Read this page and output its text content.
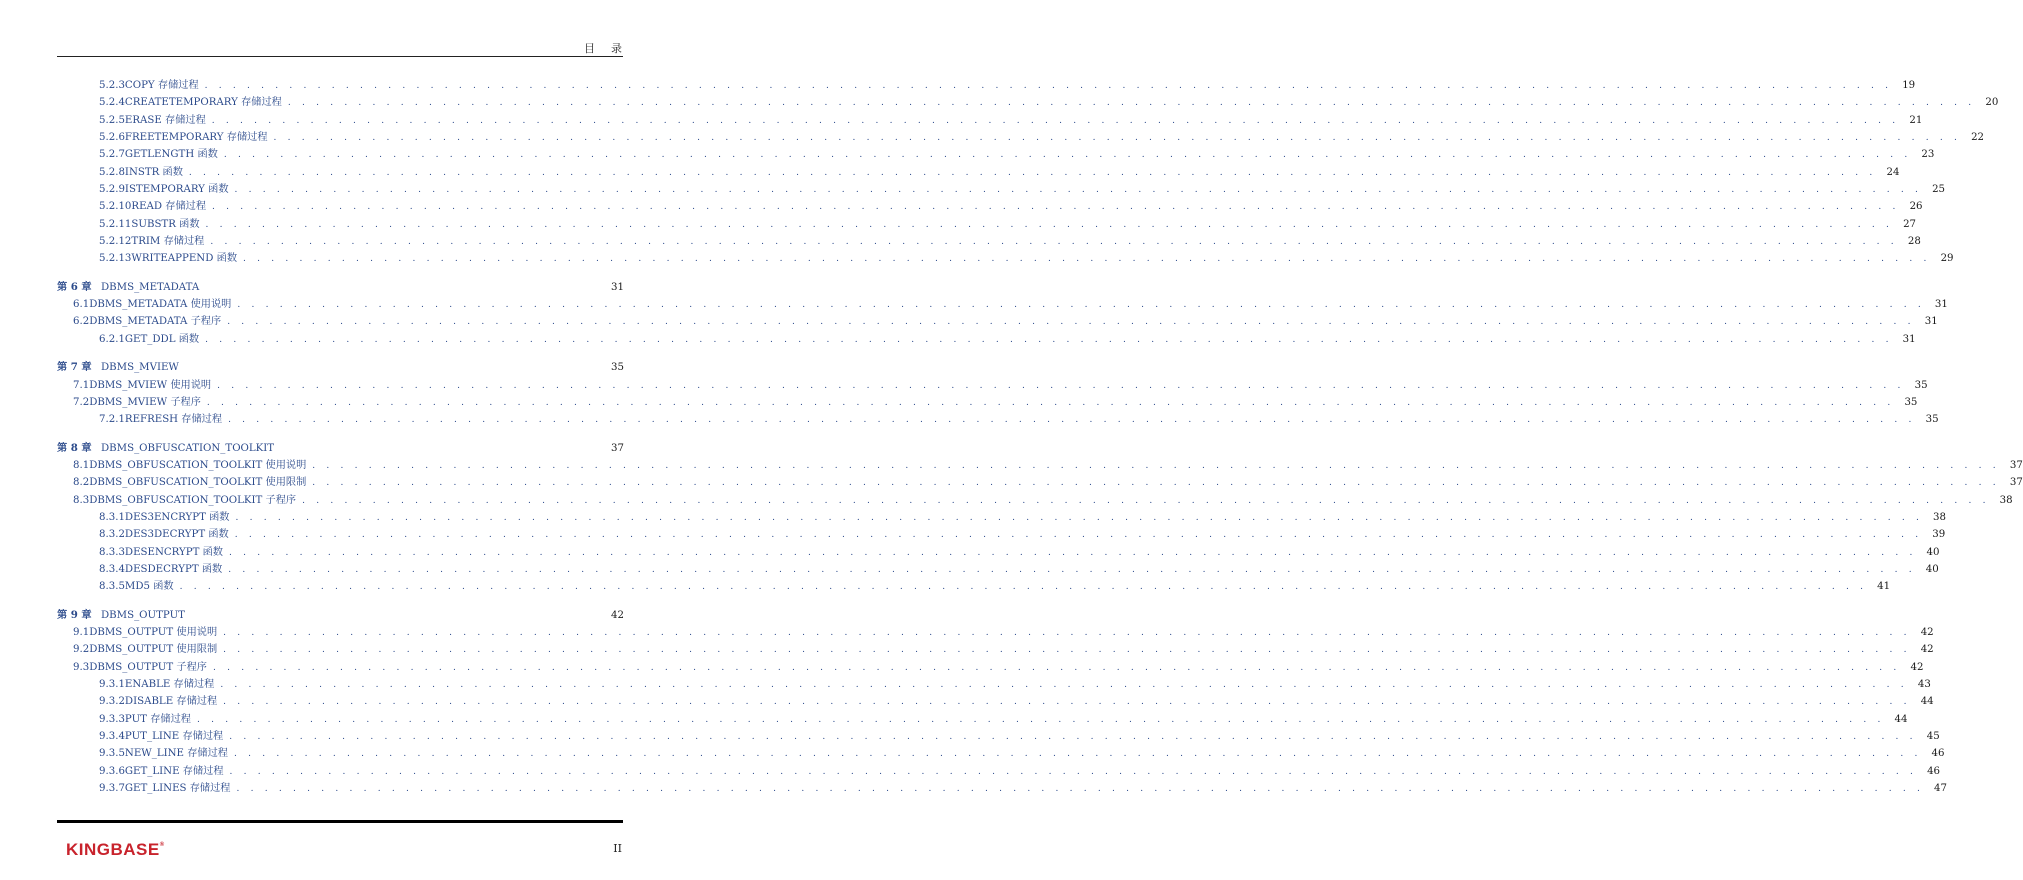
目录
5.2.3 COPY 存储过程 . . . . . . . . . . . . . . . . . . . . . . . . . . . . . . . . . . . . . . . . . . . . . . . . . . . . . . . . . . . . . . . . . . . . . . . . . . . . . . . . . . . . . . . . . . . . . . . . . . . . . . . . . . . . . . . . . . . . . . . . 19
5.2.4 CREATETEMPORARY 存储过程 . . . . . . . . . . . . . . . . . . . . . . . . . . . . . . . . . . . . . . . . . . . . . . . . . . . . . . . . . . . . . . . . . . . . . . . . . . . . . . . . . . . . . . . . . . . . . . . . . . . . . . . . . . . . . . . . . . . . . . . . 20
5.2.5 ERASE 存储过程 . . . . . . . . . . . . . . . . . . . . . . . . . . . . . . . . . . . . . . . . . . . . . . . . . . . . . . . . . . . . . . . . . . . . . . . . . . . . . . . . . . . . . . . . . . . . . . . . . . . . . . . . . . . . . . . . . . . . . . . . 21
5.2.6 FREETEMPORARY 存储过程 . . . . . . . . . . . . . . . . . . . . . . . . . . . . . . . . . . . . . . . . . . . . . . . . . . . . . . . . . . . . . . . . . . . . . . . . . . . . . . . . . . . . . . . . . . . . . . . . . . . . . . . . . . . . . . . . . . . . . . . . 22
5.2.7 GETLENGTH 函数 . . . . . . . . . . . . . . . . . . . . . . . . . . . . . . . . . . . . . . . . . . . . . . . . . . . . . . . . . . . . . . . . . . . . . . . . . . . . . . . . . . . . . . . . . . . . . . . . . . . . . . . . . . . . . . . . . . . . . . . . 23
5.2.8 INSTR 函数 . . . . . . . . . . . . . . . . . . . . . . . . . . . . . . . . . . . . . . . . . . . . . . . . . . . . . . . . . . . . . . . . . . . . . . . . . . . . . . . . . . . . . . . . . . . . . . . . . . . . . . . . . . . . . . . . . . . . . . . . 24
5.2.9 ISTEMPORARY 函数 . . . . . . . . . . . . . . . . . . . . . . . . . . . . . . . . . . . . . . . . . . . . . . . . . . . . . . . . . . . . . . . . . . . . . . . . . . . . . . . . . . . . . . . . . . . . . . . . . . . . . . . . . . . . . . . . . . . . . . . . 25
5.2.10 READ 存储过程 . . . . . . . . . . . . . . . . . . . . . . . . . . . . . . . . . . . . . . . . . . . . . . . . . . . . . . . . . . . . . . . . . . . . . . . . . . . . . . . . . . . . . . . . . . . . . . . . . . . . . . . . . . . . . . . . . . . . . . . . 26
5.2.11 SUBSTR 函数 . . . . . . . . . . . . . . . . . . . . . . . . . . . . . . . . . . . . . . . . . . . . . . . . . . . . . . . . . . . . . . . . . . . . . . . . . . . . . . . . . . . . . . . . . . . . . . . . . . . . . . . . . . . . . . . . . . . . . . . . 27
5.2.12 TRIM 存储过程 . . . . . . . . . . . . . . . . . . . . . . . . . . . . . . . . . . . . . . . . . . . . . . . . . . . . . . . . . . . . . . . . . . . . . . . . . . . . . . . . . . . . . . . . . . . . . . . . . . . . . . . . . . . . . . . . . . . . . . . . 28
5.2.13 WRITEAPPEND 函数 . . . . . . . . . . . . . . . . . . . . . . . . . . . . . . . . . . . . . . . . . . . . . . . . . . . . . . . . . . . . . . . . . . . . . . . . . . . . . . . . . . . . . . . . . . . . . . . . . . . . . . . . . . . . . . . . . . . . . . . . 29
第 6 章 DBMS_METADATA	31
6.1 DBMS_METADATA 使用说明 . . . . . . . . . . . . . . . . . . . . . . . . . . . . . . . . . . . . . . . . . . . . . . . . . . . . . . . . . . . . . . . . . . . . . . . . . . . . . . . . . . . . . . . . . . . . . . . . . . . . . . . . . . . . . . . . . . . . . . . . 31
6.2 DBMS_METADATA 子程序 . . . . . . . . . . . . . . . . . . . . . . . . . . . . . . . . . . . . . . . . . . . . . . . . . . . . . . . . . . . . . . . . . . . . . . . . . . . . . . . . . . . . . . . . . . . . . . . . . . . . . . . . . . . . . . . . . . . . . . . . 31
6.2.1 GET_DDL 函数 . . . . . . . . . . . . . . . . . . . . . . . . . . . . . . . . . . . . . . . . . . . . . . . . . . . . . . . . . . . . . . . . . . . . . . . . . . . . . . . . . . . . . . . . . . . . . . . . . . . . . . . . . . . . . . . . . . . . . . . . 31
第 7 章 DBMS_MVIEW	35
7.1 DBMS_MVIEW 使用说明 . . . . . . . . . . . . . . . . . . . . . . . . . . . . . . . . . . . . . . . . . . . . . . . . . . . . . . . . . . . . . . . . . . . . . . . . . . . . . . . . . . . . . . . . . . . . . . . . . . . . . . . . . . . . . . . . . . . . . . . . 35
7.2 DBMS_MVIEW 子程序 . . . . . . . . . . . . . . . . . . . . . . . . . . . . . . . . . . . . . . . . . . . . . . . . . . . . . . . . . . . . . . . . . . . . . . . . . . . . . . . . . . . . . . . . . . . . . . . . . . . . . . . . . . . . . . . . . . . . . . . . 35
7.2.1 REFRESH 存储过程 . . . . . . . . . . . . . . . . . . . . . . . . . . . . . . . . . . . . . . . . . . . . . . . . . . . . . . . . . . . . . . . . . . . . . . . . . . . . . . . . . . . . . . . . . . . . . . . . . . . . . . . . . . . . . . . . . . . . . . . . 35
第 8 章 DBMS_OBFUSCATION_TOOLKIT	37
8.1 DBMS_OBFUSCATION_TOOLKIT 使用说明 . . . . . . . . . . . . . . . . . . . . . . . . . . . . . . . . . . . . . . . . . . . . . . . . . . . . . . . . . . . . . . . . . . . . . . . . . . . . . . . . . . . . . . . . . . . . . . . . . . . . . . . . . . . . . . . . . . . . . . . . 37
8.2 DBMS_OBFUSCATION_TOOLKIT 使用限制 . . . . . . . . . . . . . . . . . . . . . . . . . . . . . . . . . . . . . . . . . . . . . . . . . . . . . . . . . . . . . . . . . . . . . . . . . . . . . . . . . . . . . . . . . . . . . . . . . . . . . . . . . . . . . . . . . . . . . . . . 37
8.3 DBMS_OBFUSCATION_TOOLKIT 子程序 . . . . . . . . . . . . . . . . . . . . . . . . . . . . . . . . . . . . . . . . . . . . . . . . . . . . . . . . . . . . . . . . . . . . . . . . . . . . . . . . . . . . . . . . . . . . . . . . . . . . . . . . . . . . . . . . . . . . . . . . 38
8.3.1 DES3ENCRYPT 函数 . . . . . . . . . . . . . . . . . . . . . . . . . . . . . . . . . . . . . . . . . . . . . . . . . . . . . . . . . . . . . . . . . . . . . . . . . . . . . . . . . . . . . . . . . . . . . . . . . . . . . . . . . . . . . . . . . . . . . . . . 38
8.3.2 DES3DECRYPT 函数 . . . . . . . . . . . . . . . . . . . . . . . . . . . . . . . . . . . . . . . . . . . . . . . . . . . . . . . . . . . . . . . . . . . . . . . . . . . . . . . . . . . . . . . . . . . . . . . . . . . . . . . . . . . . . . . . . . . . . . . . 39
8.3.3 DESENCRYPT 函数 . . . . . . . . . . . . . . . . . . . . . . . . . . . . . . . . . . . . . . . . . . . . . . . . . . . . . . . . . . . . . . . . . . . . . . . . . . . . . . . . . . . . . . . . . . . . . . . . . . . . . . . . . . . . . . . . . . . . . . . . 40
8.3.4 DESDECRYPT 函数 . . . . . . . . . . . . . . . . . . . . . . . . . . . . . . . . . . . . . . . . . . . . . . . . . . . . . . . . . . . . . . . . . . . . . . . . . . . . . . . . . . . . . . . . . . . . . . . . . . . . . . . . . . . . . . . . . . . . . . . . 40
8.3.5 MD5 函数 . . . . . . . . . . . . . . . . . . . . . . . . . . . . . . . . . . . . . . . . . . . . . . . . . . . . . . . . . . . . . . . . . . . . . . . . . . . . . . . . . . . . . . . . . . . . . . . . . . . . . . . . . . . . . . . . . . . . . . . . 41
第 9 章 DBMS_OUTPUT	42
9.1 DBMS_OUTPUT 使用说明 . . . . . . . . . . . . . . . . . . . . . . . . . . . . . . . . . . . . . . . . . . . . . . . . . . . . . . . . . . . . . . . . . . . . . . . . . . . . . . . . . . . . . . . . . . . . . . . . . . . . . . . . . . . . . . . . . . . . . . . . 42
9.2 DBMS_OUTPUT 使用限制 . . . . . . . . . . . . . . . . . . . . . . . . . . . . . . . . . . . . . . . . . . . . . . . . . . . . . . . . . . . . . . . . . . . . . . . . . . . . . . . . . . . . . . . . . . . . . . . . . . . . . . . . . . . . . . . . . . . . . . . . 42
9.3 DBMS_OUTPUT 子程序 . . . . . . . . . . . . . . . . . . . . . . . . . . . . . . . . . . . . . . . . . . . . . . . . . . . . . . . . . . . . . . . . . . . . . . . . . . . . . . . . . . . . . . . . . . . . . . . . . . . . . . . . . . . . . . . . . . . . . . . . 42
9.3.1 ENABLE 存储过程 . . . . . . . . . . . . . . . . . . . . . . . . . . . . . . . . . . . . . . . . . . . . . . . . . . . . . . . . . . . . . . . . . . . . . . . . . . . . . . . . . . . . . . . . . . . . . . . . . . . . . . . . . . . . . . . . . . . . . . . . 43
9.3.2 DISABLE 存储过程 . . . . . . . . . . . . . . . . . . . . . . . . . . . . . . . . . . . . . . . . . . . . . . . . . . . . . . . . . . . . . . . . . . . . . . . . . . . . . . . . . . . . . . . . . . . . . . . . . . . . . . . . . . . . . . . . . . . . . . . . 44
9.3.3 PUT 存储过程 . . . . . . . . . . . . . . . . . . . . . . . . . . . . . . . . . . . . . . . . . . . . . . . . . . . . . . . . . . . . . . . . . . . . . . . . . . . . . . . . . . . . . . . . . . . . . . . . . . . . . . . . . . . . . . . . . . . . . . . . 44
9.3.4 PUT_LINE 存储过程 . . . . . . . . . . . . . . . . . . . . . . . . . . . . . . . . . . . . . . . . . . . . . . . . . . . . . . . . . . . . . . . . . . . . . . . . . . . . . . . . . . . . . . . . . . . . . . . . . . . . . . . . . . . . . . . . . . . . . . . . 45
9.3.5 NEW_LINE 存储过程 . . . . . . . . . . . . . . . . . . . . . . . . . . . . . . . . . . . . . . . . . . . . . . . . . . . . . . . . . . . . . . . . . . . . . . . . . . . . . . . . . . . . . . . . . . . . . . . . . . . . . . . . . . . . . . . . . . . . . . . . 46
9.3.6 GET_LINE 存储过程 . . . . . . . . . . . . . . . . . . . . . . . . . . . . . . . . . . . . . . . . . . . . . . . . . . . . . . . . . . . . . . . . . . . . . . . . . . . . . . . . . . . . . . . . . . . . . . . . . . . . . . . . . . . . . . . . . . . . . . . . 46
9.3.7 GET_LINES 存储过程 . . . . . . . . . . . . . . . . . . . . . . . . . . . . . . . . . . . . . . . . . . . . . . . . . . . . . . . . . . . . . . . . . . . . . . . . . . . . . . . . . . . . . . . . . . . . . . . . . . . . . . . . . . . . . . . . . . . . . . . . 47
KINGBASE®	II
